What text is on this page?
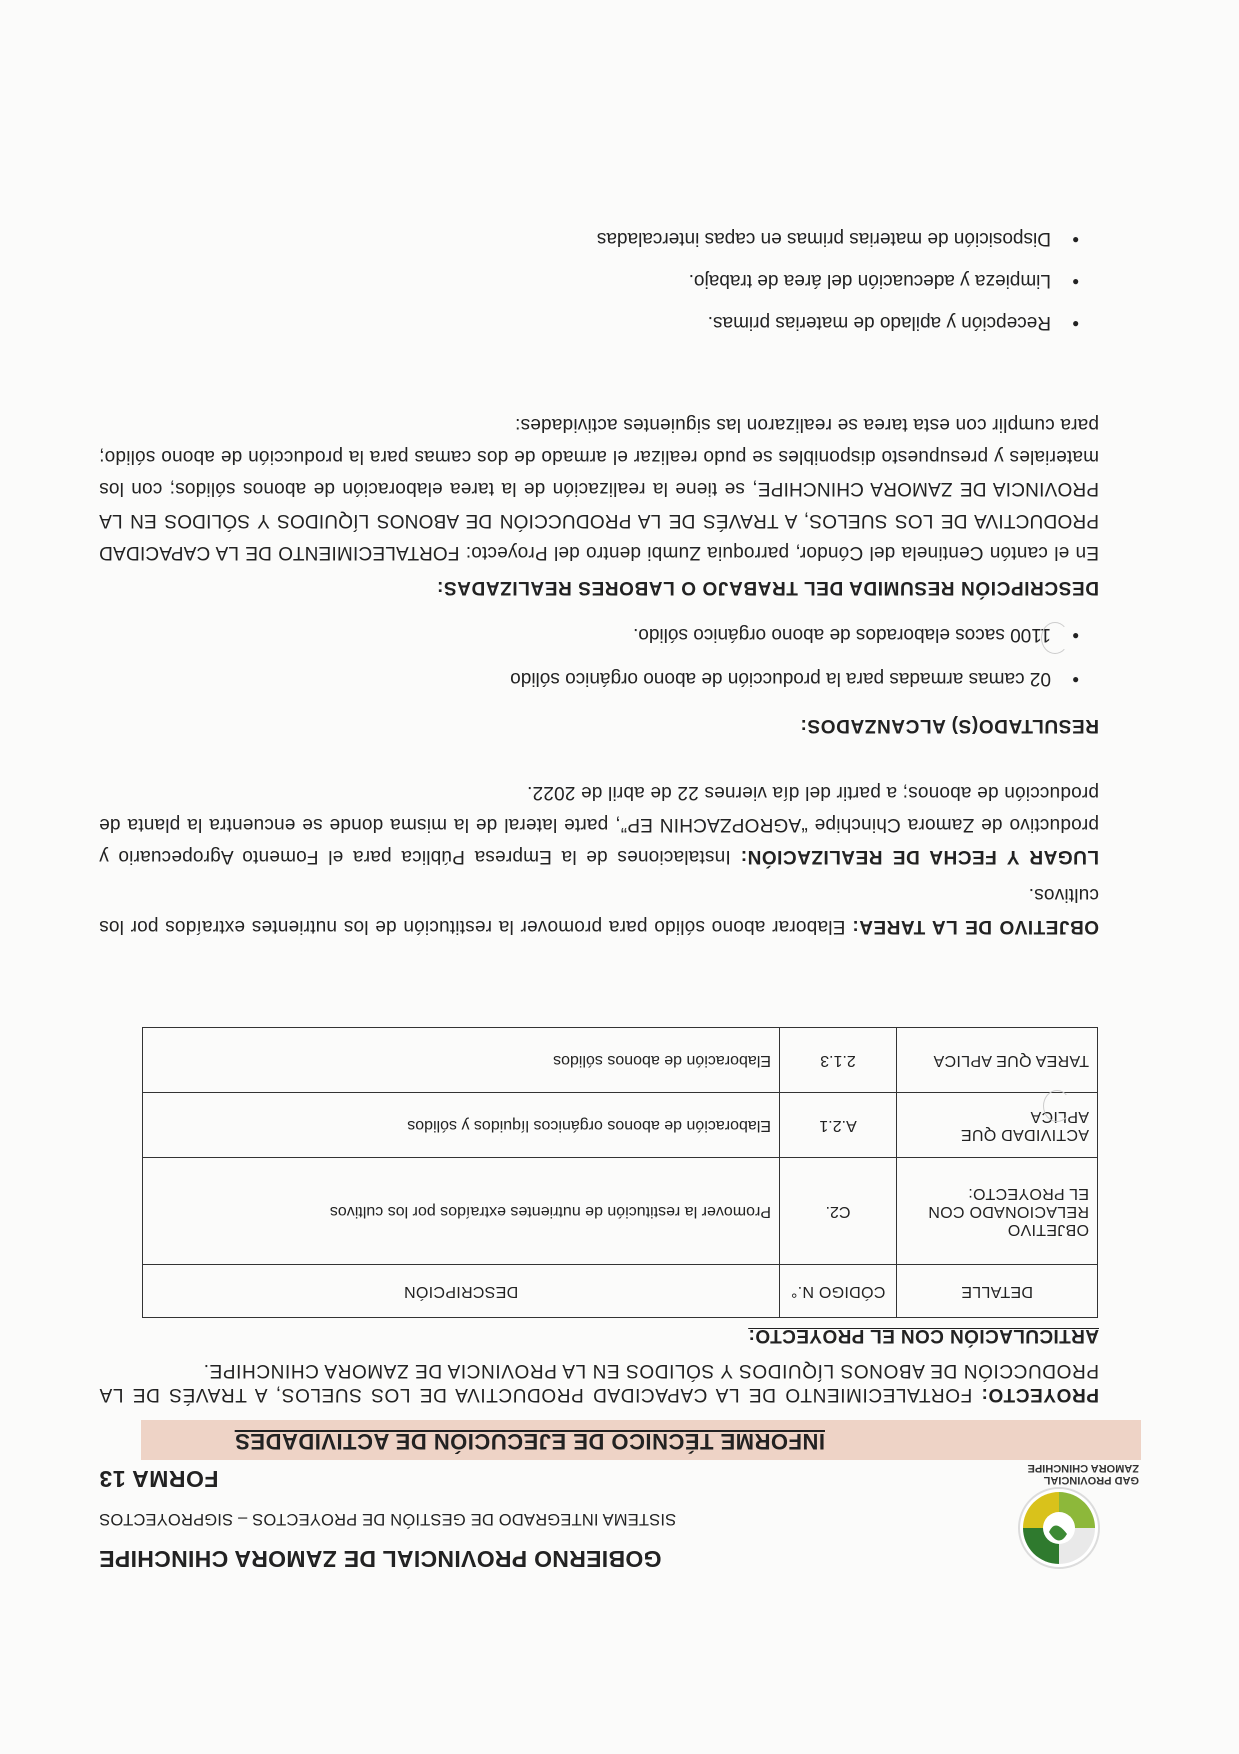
GAD PROVINCIAL
ZAMORA CHINCHIPE
GOBIERNO PROVINCIAL DE ZAMORA CHINCHIPE
SISTEMA INTEGRADO DE GESTIÓN DE PROYECTOS – SIGPROYECTOS
FORMA 13
INFORME TÉCNICO DE EJECUCIÓN DE ACTIVIDADES
PROYECTO: FORTALECIMIENTO DE LA CAPACIDAD PRODUCTIVA DE LOS SUELOS, A TRAVÉS DE LA PRODUCCIÓN DE ABONOS LÍQUIDOS Y SÓLIDOS EN LA PROVINCIA DE ZAMORA CHINCHIPE.
ARTICULACIÓN CON EL PROYECTO:
DETALLE	CÓDIGO N.°	DESCRIPCIÓN
OBJETIVO RELACIONADO CON EL PROYECTO:	C2.	Promover la restitución de nutrientes extraídos por los cultivos
ACTIVIDAD QUE APLICA	A.2.1	Elaboración de abonos orgánicos líquidos y sólidos
TAREA QUE APLICA	2.1.3	Elaboración de abonos sólidos
OBJETIVO DE LA TAREA: Elaborar abono sólido para promover la restitución de los nutrientes extraídos por los cultivos.
LUGAR Y FECHA DE REALIZACIÓN: Instalaciones de la Empresa Pública para el Fomento Agropecuario y productivo de Zamora Chinchipe “AGROPZACHIN EP”, parte lateral de la misma donde se encuentra la planta de producción de abonos; a partir del día viernes 22 de abril de 2022.
RESULTADO(S) ALCANZADOS:
• 02 camas armadas para la producción de abono orgánico sólido
• 1100 sacos elaborados de abono orgánico sólido.
DESCRIPCIÓN RESUMIDA DEL TRABAJO O LABORES REALIZADAS:
En el cantón Centinela del Cóndor, parroquia Zumbi dentro del Proyecto: FORTALECIMIENTO DE LA CAPACIDAD PRODUCTIVA DE LOS SUELOS, A TRAVÉS DE LA PRODUCCIÓN DE ABONOS LÍQUIDOS Y SÓLIDOS EN LA PROVINCIA DE ZAMORA CHINCHIPE, se tiene la realización de la tarea elaboración de abonos sólidos; con los materiales y presupuesto disponibles se pudo realizar el armado de dos camas para la producción de abono sólido; para cumplir con esta tarea se realizaron las siguientes actividades:
• Recepción y apilado de materias primas.
• Limpieza y adecuación del área de trabajo.
• Disposición de materias primas en capas intercaladas
